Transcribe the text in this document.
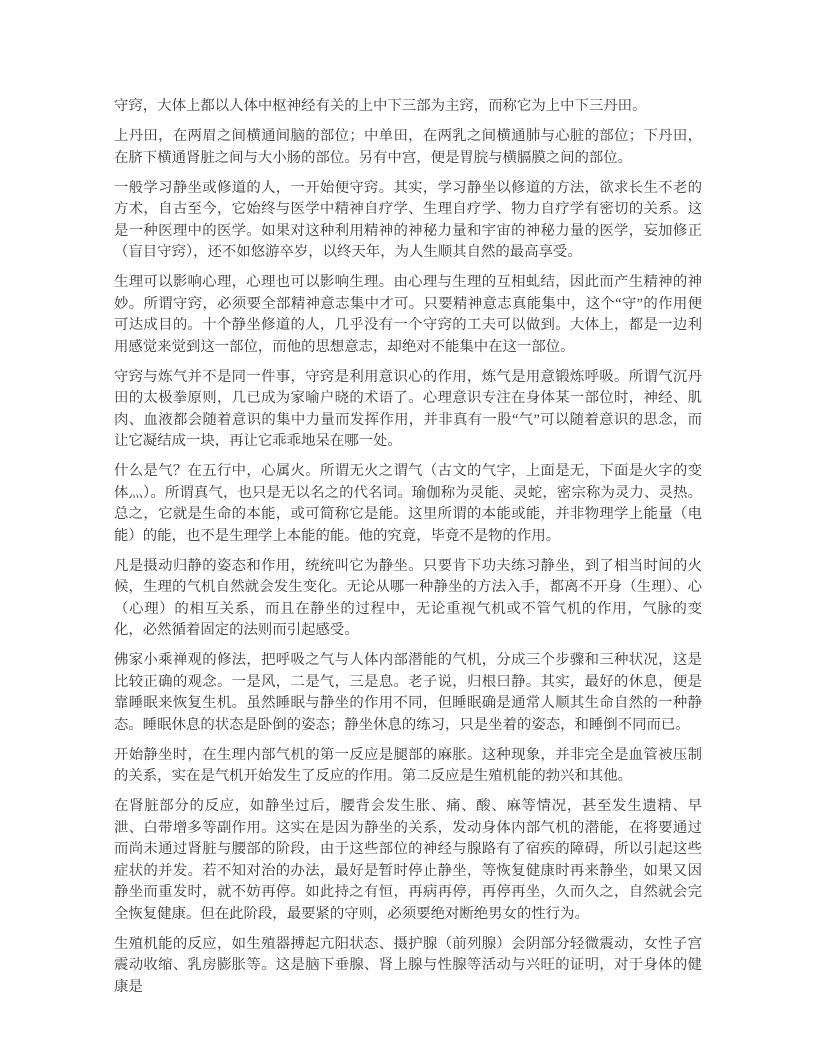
守窍，大体上都以人体中枢神经有关的上中下三部为主窍，而称它为上中下三丹田。

上丹田，在两眉之间横通间脑的部位；中单田，在两乳之间横通肺与心脏的部位；下丹田，在脐下横通肾脏之间与大小肠的部位。另有中宫，便是胃脘与横膈膜之间的部位。

一般学习静坐或修道的人，一开始便守窍。其实，学习静坐以修道的方法，欲求长生不老的方术，自古至今，它始终与医学中精神自疗学、生理自疗学、物力自疗学有密切的关系。这是一种医理中的医学。如果对这种利用精神的神秘力量和宇宙的神秘力量的医学，妄加修正（盲目守窍），还不如悠游卒岁，以终天年，为人生顺其自然的最高享受。

生理可以影响心理，心理也可以影响生理。由心理与生理的互相虬结，因此而产生精神的神妙。所谓守窍，必须要全部精神意志集中才可。只要精神意志真能集中，这个“守”的作用便可达成目的。十个静坐修道的人，几乎没有一个守窍的工夫可以做到。大体上，都是一边利用感觉来觉到这一部位，而他的思想意志，却绝对不能集中在这一部位。

守窍与炼气并不是同一件事，守窍是利用意识心的作用，炼气是用意锻炼呼吸。所谓气沉丹田的太极拳原则，几已成为家喻户晓的术语了。心理意识专注在身体某一部位时，神经、肌肉、血液都会随着意识的集中力量而发挥作用，并非真有一股“气”可以随着意识的思念，而让它凝结成一块，再让它乖乖地呆在哪一处。

什么是气？在五行中，心属火。所谓无火之谓气（古文的气字，上面是无，下面是火字的变体灬）。所谓真气，也只是无以名之的代名词。瑜伽称为灵能、灵蛇，密宗称为灵力、灵热。总之，它就是生命的本能，或可简称它是能。这里所谓的本能或能，并非物理学上能量（电能）的能，也不是生理学上本能的能。他的究竟，毕竟不是物的作用。

凡是摄动归静的姿态和作用，统统叫它为静坐。只要肯下功夫练习静坐，到了相当时间的火候，生理的气机自然就会发生变化。无论从哪一种静坐的方法入手，都离不开身（生理）、心（心理）的相互关系，而且在静坐的过程中，无论重视气机或不管气机的作用，气脉的变化，必然循着固定的法则而引起感受。

佛家小乘禅观的修法，把呼吸之气与人体内部潜能的气机，分成三个步骤和三种状况，这是比较正确的观念。一是风，二是气，三是息。老子说，归根曰静。其实，最好的休息，便是靠睡眠来恢复生机。虽然睡眠与静坐的作用不同，但睡眠确是通常人顺其生命自然的一种静态。睡眠休息的状态是卧倒的姿态；静坐休息的练习，只是坐着的姿态，和睡倒不同而已。

开始静坐时，在生理内部气机的第一反应是腿部的麻胀。这种现象，并非完全是血管被压制的关系，实在是气机开始发生了反应的作用。第二反应是生殖机能的勃兴和其他。

在肾脏部分的反应，如静坐过后，腰背会发生胀、痛、酸、麻等情况，甚至发生遗精、早泄、白带增多等副作用。这实在是因为静坐的关系，发动身体内部气机的潜能，在将要通过而尚未通过肾脏与腰部的阶段，由于这些部位的神经与腺路有了宿疾的障碍，所以引起这些症状的并发。若不知对治的办法，最好是暂时停止静坐，等恢复健康时再来静坐，如果又因静坐而重发时，就不妨再停。如此持之有恒，再病再停，再停再坐，久而久之，自然就会完全恢复健康。但在此阶段，最要紧的守则，必须要绝对断绝男女的性行为。

生殖机能的反应，如生殖器搏起亢阳状态、摄护腺（前列腺）会阴部分轻微震动，女性子宫震动收缩、乳房膨胀等。这是脑下垂腺、肾上腺与性腺等活动与兴旺的证明，对于身体的健康是
